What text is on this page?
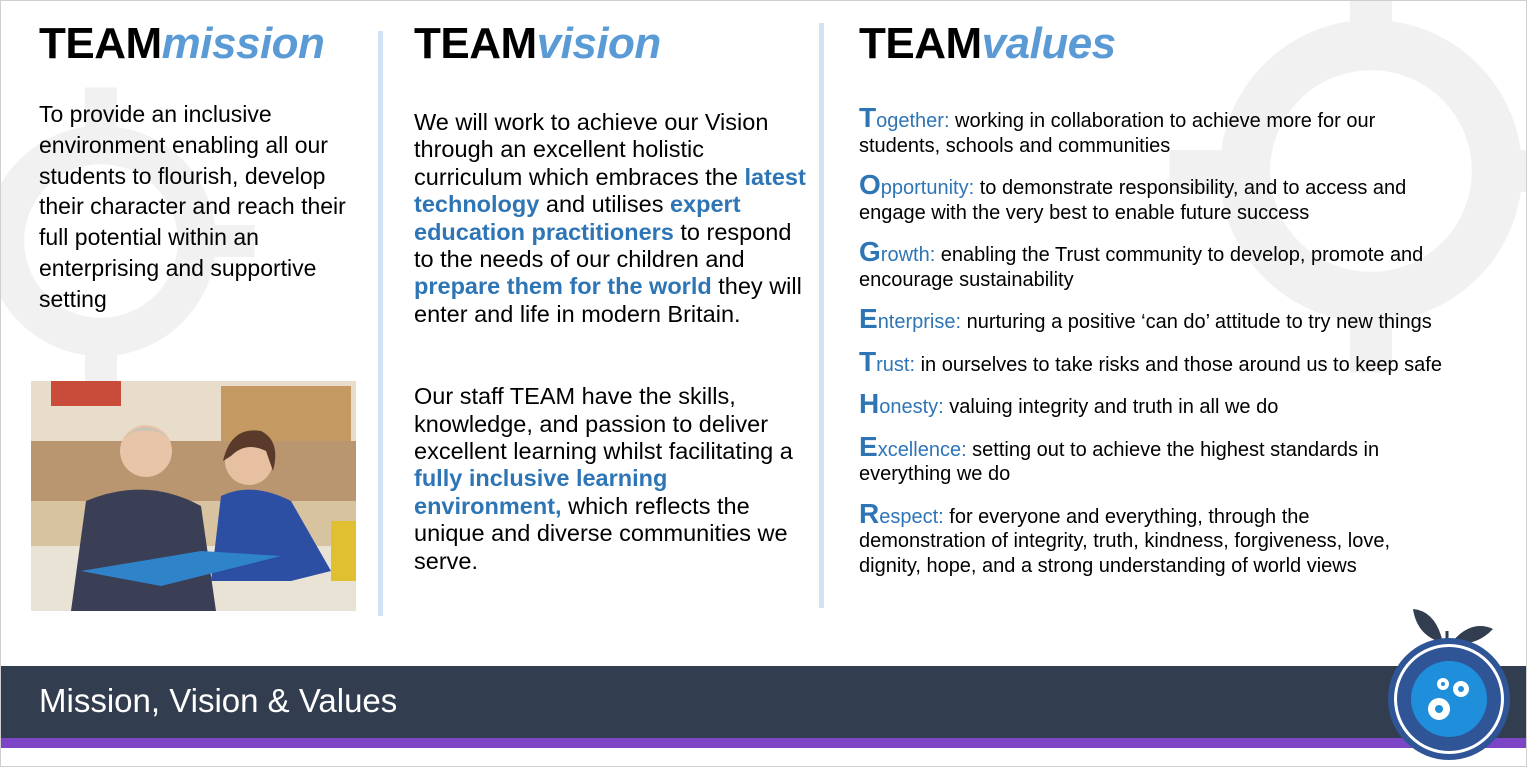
TEAMmission
To provide an inclusive environment enabling all our students to flourish, develop their character and reach their full potential within an enterprising and supportive setting
TEAMvision
We will work to achieve our Vision through an excellent holistic curriculum which embraces the latest technology and utilises expert education practitioners to respond to the needs of our children and prepare them for the world they will enter and life in modern Britain.
Our staff TEAM have the skills, knowledge, and passion to deliver excellent learning whilst facilitating a fully inclusive learning environment, which reflects the unique and diverse communities we serve.
TEAMvalues
Together: working in collaboration to achieve more for our students, schools and communities
Opportunity: to demonstrate responsibility, and to access and engage with the very best to enable future success
Growth: enabling the Trust community to develop, promote and encourage sustainability
Enterprise: nurturing a positive ‘can do’ attitude to try new things
Trust: in ourselves to take risks and those around us to keep safe
Honesty: valuing integrity and truth in all we do
Excellence: setting out to achieve the highest standards in everything we do
Respect: for everyone and everything, through the demonstration of integrity, truth, kindness, forgiveness, love, dignity, hope, and a strong understanding of world views
Mission, Vision & Values
